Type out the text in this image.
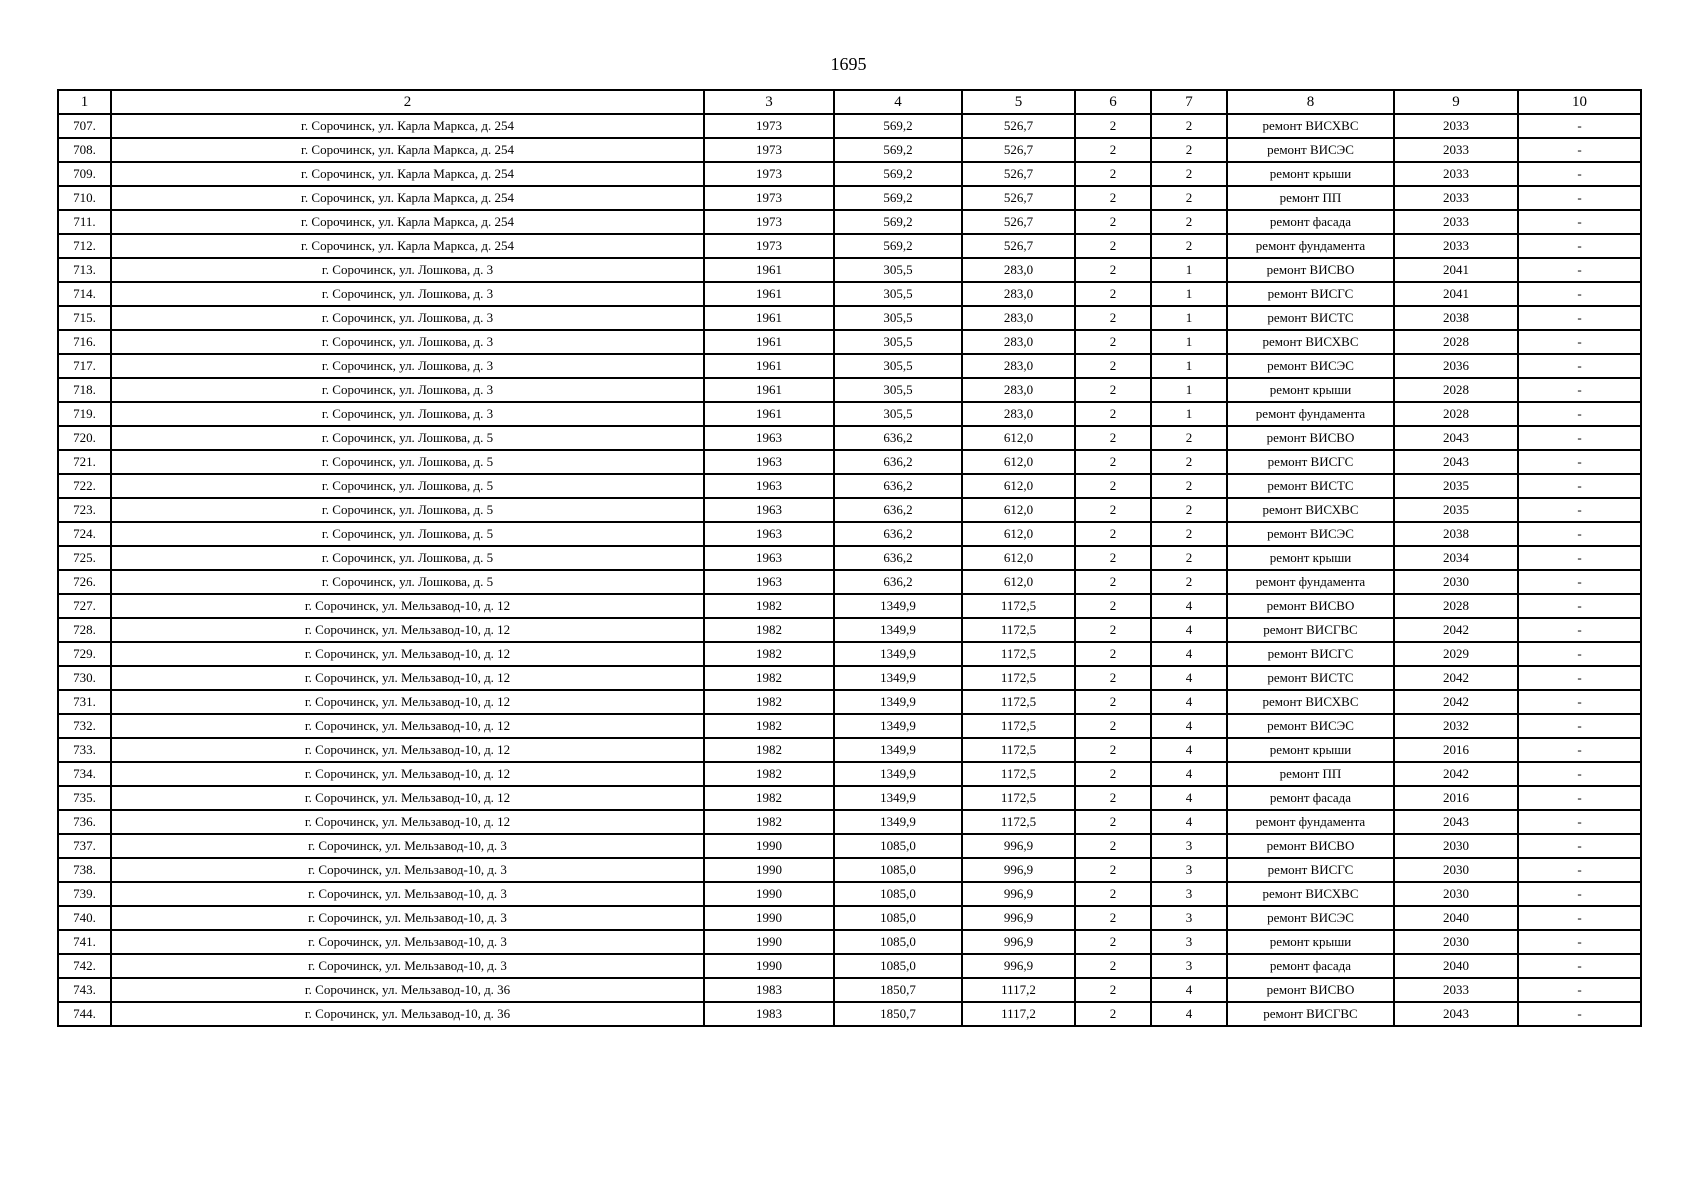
1695
1	2	3	4	5	6	7	8	9	10
707.	г. Сорочинск, ул. Карла Маркса, д. 254	1973	569,2	526,7	2	2	ремонт ВИСХВС	2033	-
708.	г. Сорочинск, ул. Карла Маркса, д. 254	1973	569,2	526,7	2	2	ремонт ВИСЭС	2033	-
709.	г. Сорочинск, ул. Карла Маркса, д. 254	1973	569,2	526,7	2	2	ремонт крыши	2033	-
710.	г. Сорочинск, ул. Карла Маркса, д. 254	1973	569,2	526,7	2	2	ремонт ПП	2033	-
711.	г. Сорочинск, ул. Карла Маркса, д. 254	1973	569,2	526,7	2	2	ремонт фасада	2033	-
712.	г. Сорочинск, ул. Карла Маркса, д. 254	1973	569,2	526,7	2	2	ремонт фундамента	2033	-
713.	г. Сорочинск, ул. Лошкова, д. 3	1961	305,5	283,0	2	1	ремонт ВИСВО	2041	-
714.	г. Сорочинск, ул. Лошкова, д. 3	1961	305,5	283,0	2	1	ремонт ВИСГС	2041	-
715.	г. Сорочинск, ул. Лошкова, д. 3	1961	305,5	283,0	2	1	ремонт ВИСТС	2038	-
716.	г. Сорочинск, ул. Лошкова, д. 3	1961	305,5	283,0	2	1	ремонт ВИСХВС	2028	-
717.	г. Сорочинск, ул. Лошкова, д. 3	1961	305,5	283,0	2	1	ремонт ВИСЭС	2036	-
718.	г. Сорочинск, ул. Лошкова, д. 3	1961	305,5	283,0	2	1	ремонт крыши	2028	-
719.	г. Сорочинск, ул. Лошкова, д. 3	1961	305,5	283,0	2	1	ремонт фундамента	2028	-
720.	г. Сорочинск, ул. Лошкова, д. 5	1963	636,2	612,0	2	2	ремонт ВИСВО	2043	-
721.	г. Сорочинск, ул. Лошкова, д. 5	1963	636,2	612,0	2	2	ремонт ВИСГС	2043	-
722.	г. Сорочинск, ул. Лошкова, д. 5	1963	636,2	612,0	2	2	ремонт ВИСТС	2035	-
723.	г. Сорочинск, ул. Лошкова, д. 5	1963	636,2	612,0	2	2	ремонт ВИСХВС	2035	-
724.	г. Сорочинск, ул. Лошкова, д. 5	1963	636,2	612,0	2	2	ремонт ВИСЭС	2038	-
725.	г. Сорочинск, ул. Лошкова, д. 5	1963	636,2	612,0	2	2	ремонт крыши	2034	-
726.	г. Сорочинск, ул. Лошкова, д. 5	1963	636,2	612,0	2	2	ремонт фундамента	2030	-
727.	г. Сорочинск, ул. Мельзавод-10, д. 12	1982	1349,9	1172,5	2	4	ремонт ВИСВО	2028	-
728.	г. Сорочинск, ул. Мельзавод-10, д. 12	1982	1349,9	1172,5	2	4	ремонт ВИСГВС	2042	-
729.	г. Сорочинск, ул. Мельзавод-10, д. 12	1982	1349,9	1172,5	2	4	ремонт ВИСГС	2029	-
730.	г. Сорочинск, ул. Мельзавод-10, д. 12	1982	1349,9	1172,5	2	4	ремонт ВИСТС	2042	-
731.	г. Сорочинск, ул. Мельзавод-10, д. 12	1982	1349,9	1172,5	2	4	ремонт ВИСХВС	2042	-
732.	г. Сорочинск, ул. Мельзавод-10, д. 12	1982	1349,9	1172,5	2	4	ремонт ВИСЭС	2032	-
733.	г. Сорочинск, ул. Мельзавод-10, д. 12	1982	1349,9	1172,5	2	4	ремонт крыши	2016	-
734.	г. Сорочинск, ул. Мельзавод-10, д. 12	1982	1349,9	1172,5	2	4	ремонт ПП	2042	-
735.	г. Сорочинск, ул. Мельзавод-10, д. 12	1982	1349,9	1172,5	2	4	ремонт фасада	2016	-
736.	г. Сорочинск, ул. Мельзавод-10, д. 12	1982	1349,9	1172,5	2	4	ремонт фундамента	2043	-
737.	г. Сорочинск, ул. Мельзавод-10, д. 3	1990	1085,0	996,9	2	3	ремонт ВИСВО	2030	-
738.	г. Сорочинск, ул. Мельзавод-10, д. 3	1990	1085,0	996,9	2	3	ремонт ВИСГС	2030	-
739.	г. Сорочинск, ул. Мельзавод-10, д. 3	1990	1085,0	996,9	2	3	ремонт ВИСХВС	2030	-
740.	г. Сорочинск, ул. Мельзавод-10, д. 3	1990	1085,0	996,9	2	3	ремонт ВИСЭС	2040	-
741.	г. Сорочинск, ул. Мельзавод-10, д. 3	1990	1085,0	996,9	2	3	ремонт крыши	2030	-
742.	г. Сорочинск, ул. Мельзавод-10, д. 3	1990	1085,0	996,9	2	3	ремонт фасада	2040	-
743.	г. Сорочинск, ул. Мельзавод-10, д. 36	1983	1850,7	1117,2	2	4	ремонт ВИСВО	2033	-
744.	г. Сорочинск, ул. Мельзавод-10, д. 36	1983	1850,7	1117,2	2	4	ремонт ВИСГВС	2043	-
